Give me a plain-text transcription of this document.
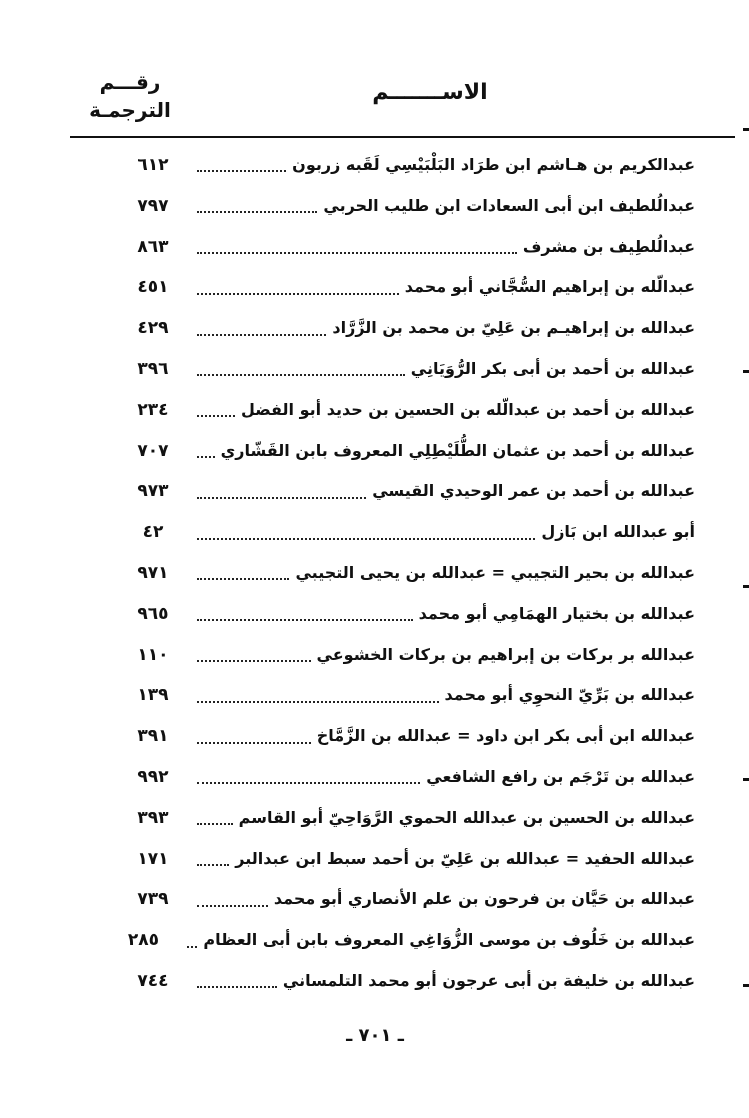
رقـــم
الترجمـة
الاســـــــم
عبدالكريم بن هـاشم ابن طرَاد البَلْبَيْسِي لَقَبه زربون
٦١٢
عبدالُلطيف ابن أبى السعادات ابن طليب الحربي
٧٩٧
عبدالُلطِيف بن مشرف
٨٦٣
عبدالّله بن إبراهيم السُّجَّاني أبو محمد
٤٥١
عبدالله بن إبراهيـم بن عَلِيّ بن محمد بن الزَّرَّاد
٤٢٩
عبدالله بن أحمد بن أبى بكر الرُّوَيَانِي
٣٩٦
عبدالله بن أحمد بن عبدالّله بن الحسين بن حديد أبو الفضل
٢٣٤
عبدالله بن أحمد بن عثمان الطُّلَيْطِلِي المعروف بابن القَشّاري
٧٠٧
عبدالله بن أحمد بن عمر الوحيدي القيسي
٩٧٣
أبو عبدالله ابن بَازل
٤٢
عبدالله بن بحير التجيبي = عبدالله بن يحيى التجيبي
٩٧١
عبدالله بن بختيار الهمَامِي أبو محمد
٩٦٥
عبدالله بر بركات بن إبراهيم بن بركات الخشوعي
١١٠
عبدالله بن بَرِّيّ النحوِي أبو محمد
١٣٩
عبدالله ابن أبى بكر ابن داود = عبدالله بن الزَّمَّاخ
٣٩١
عبدالله بن تَرْجَم بن رافع الشافعي
٩٩٢
عبدالله بن الحسين بن عبدالله الحموي الرَّوَاحِيّ أبو القاسم
٣٩٣
عبدالله الحفيد = عبدالله بن عَلِيّ بن أحمد سبط ابن عبدالبر
١٧١
عبدالله بن حَيَّان بن فرحون بن علم الأنصاري أبو محمد
٧٣٩
عبدالله بن خَلُوف بن موسى الزُّوَاغِي المعروف بابن أبى العظام
٢٨٥
عبدالله بن خليفة بن أبى عرجون أبو محمد التلمساني
٧٤٤
ـ ٧٠١ ـ
